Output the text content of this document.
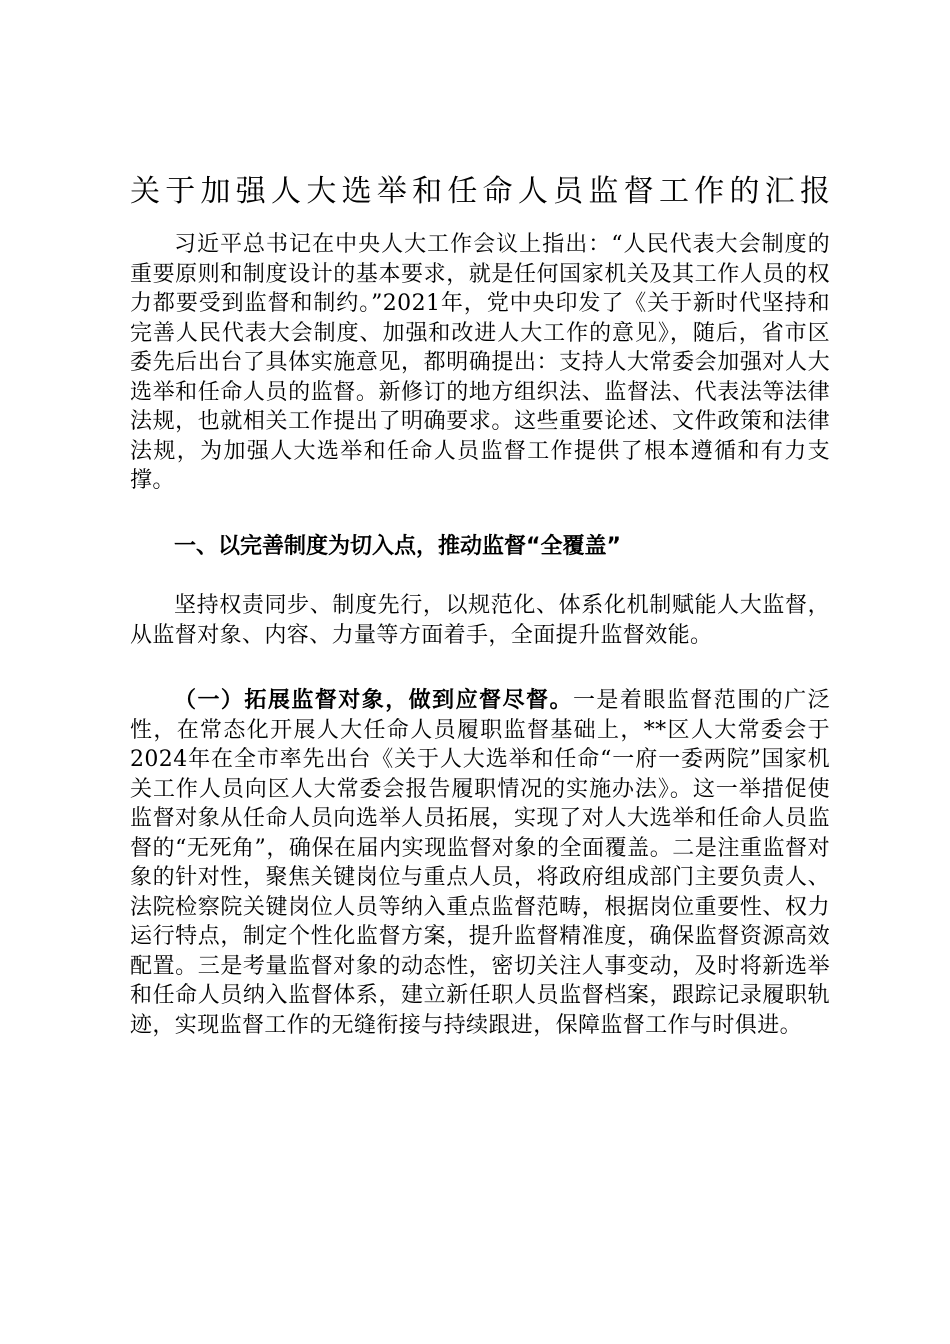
关于加强人大选举和任命人员监督工作的汇报

习近平总书记在中央人大工作会议上指出：“人民代表大会制度的重要原则和制度设计的基本要求，就是任何国家机关及其工作人员的权力都要受到监督和制约。”2021年，党中央印发了《关于新时代坚持和完善人民代表大会制度、加强和改进人大工作的意见》，随后，省市区委先后出台了具体实施意见，都明确提出：支持人大常委会加强对人大选举和任命人员的监督。新修订的地方组织法、监督法、代表法等法律法规，也就相关工作提出了明确要求。这些重要论述、文件政策和法律法规，为加强人大选举和任命人员监督工作提供了根本遵循和有力支撑。

一、以完善制度为切入点，推动监督“全覆盖”

坚持权责同步、制度先行，以规范化、体系化机制赋能人大监督，从监督对象、内容、力量等方面着手，全面提升监督效能。

（一）拓展监督对象，做到应督尽督。一是着眼监督范围的广泛性，在常态化开展人大任命人员履职监督基础上，**区人大常委会于2024年在全市率先出台《关于人大选举和任命“一府一委两院”国家机关工作人员向区人大常委会报告履职情况的实施办法》。这一举措促使监督对象从任命人员向选举人员拓展，实现了对人大选举和任命人员监督的“无死角”，确保在届内实现监督对象的全面覆盖。二是注重监督对象的针对性，聚焦关键岗位与重点人员，将政府组成部门主要负责人、法院检察院关键岗位人员等纳入重点监督范畴，根据岗位重要性、权力运行特点，制定个性化监督方案，提升监督精准度，确保监督资源高效配置。三是考量监督对象的动态性，密切关注人事变动，及时将新选举和任命人员纳入监督体系，建立新任职人员监督档案，跟踪记录履职轨迹，实现监督工作的无缝衔接与持续跟进，保障监督工作与时俱进。
